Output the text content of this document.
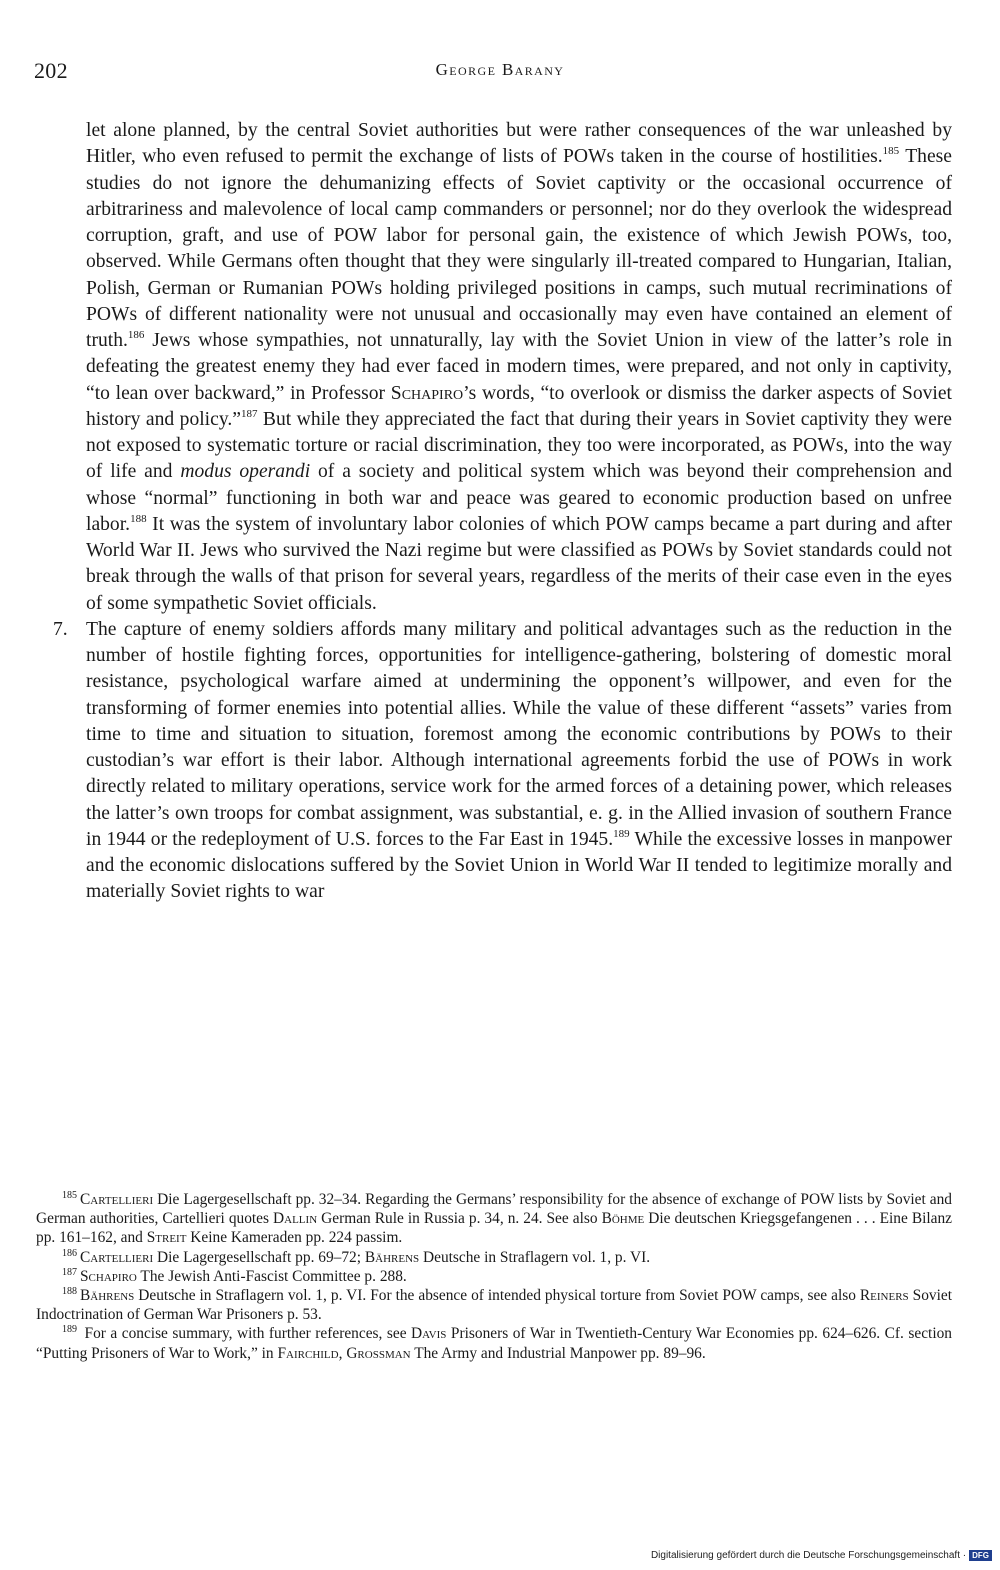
202	George Barany

let alone planned, by the central Soviet authorities but were rather consequences of the war unleashed by Hitler, who even refused to permit the exchange of lists of POWs taken in the course of hostilities.$^{185}$ These studies do not ignore the dehumanizing effects of Soviet captivity or the occasional occurrence of arbitrariness and malevolence of local camp commanders or personnel; nor do they overlook the widespread corruption, graft, and use of POW labor for personal gain, the existence of which Jewish POWs, too, observed. While Germans often thought that they were singularly ill-treated compared to Hungarian, Italian, Polish, German or Rumanian POWs holding privileged positions in camps, such mutual recriminations of POWs of different nationality were not unusual and occasionally may even have contained an element of truth.$^{186}$ Jews whose sympathies, not unnaturally, lay with the Soviet Union in view of the latter’s role in defeating the greatest enemy they had ever faced in modern times, were prepared, and not only in captivity, “to lean over backward,” in Professor Schapiro’s words, “to overlook or dismiss the darker aspects of Soviet history and policy.”$^{187}$ But while they appreciated the fact that during their years in Soviet captivity they were not exposed to systematic torture or racial discrimination, they too were incorporated, as POWs, into the way of life and modus operandi of a society and political system which was beyond their comprehension and whose “normal” functioning in both war and peace was geared to economic production based on unfree labor.$^{188}$ It was the system of involuntary labor colonies of which POW camps became a part during and after World War II. Jews who survived the Nazi regime but were classified as POWs by Soviet standards could not break through the walls of that prison for several years, regardless of the merits of their case even in the eyes of some sympathetic Soviet officials.

7. The capture of enemy soldiers affords many military and political advantages such as the reduction in the number of hostile fighting forces, opportunities for intelligence-gathering, bolstering of domestic moral resistance, psychological warfare aimed at undermining the opponent’s willpower, and even for the transforming of former enemies into potential allies. While the value of these different “assets” varies from time to time and situation to situation, foremost among the economic contributions by POWs to their custodian’s war effort is their labor. Although international agreements forbid the use of POWs in work directly related to military operations, service work for the armed forces of a detaining power, which releases the latter’s own troops for combat assignment, was substantial, e. g. in the Allied invasion of southern France in 1944 or the redeployment of U.S. forces to the Far East in 1945.$^{189}$ While the excessive losses in manpower and the economic dislocations suffered by the Soviet Union in World War II tended to legitimize morally and materially Soviet rights to war

$^{185}$ Cartellieri Die Lagergesellschaft pp. 32–34. Regarding the Germans’ responsibility for the absence of exchange of POW lists by Soviet and German authorities, Cartellieri quotes Dallin German Rule in Russia p. 34, n. 24. See also Böhme Die deutschen Kriegsgefangenen . . . Eine Bilanz pp. 161–162, and Streit Keine Kameraden pp. 224 passim.

$^{186}$ Cartellieri Die Lagergesellschaft pp. 69–72; Bährens Deutsche in Straflagern vol. 1, p. VI.

$^{187}$ Schapiro The Jewish Anti-Fascist Committee p. 288.

$^{188}$ Bährens Deutsche in Straflagern vol. 1, p. VI. For the absence of intended physical torture from Soviet POW camps, see also Reiners Soviet Indoctrination of German War Prisoners p. 53.

$^{189}$ For a concise summary, with further references, see Davis Prisoners of War in Twentieth-Century War Economies pp. 624–626. Cf. section “Putting Prisoners of War to Work,” in Fairchild, Grossman The Army and Industrial Manpower pp. 89–96.

Digitalisierung gefördert durch die Deutsche Forschungsgemeinschaft · DFG
